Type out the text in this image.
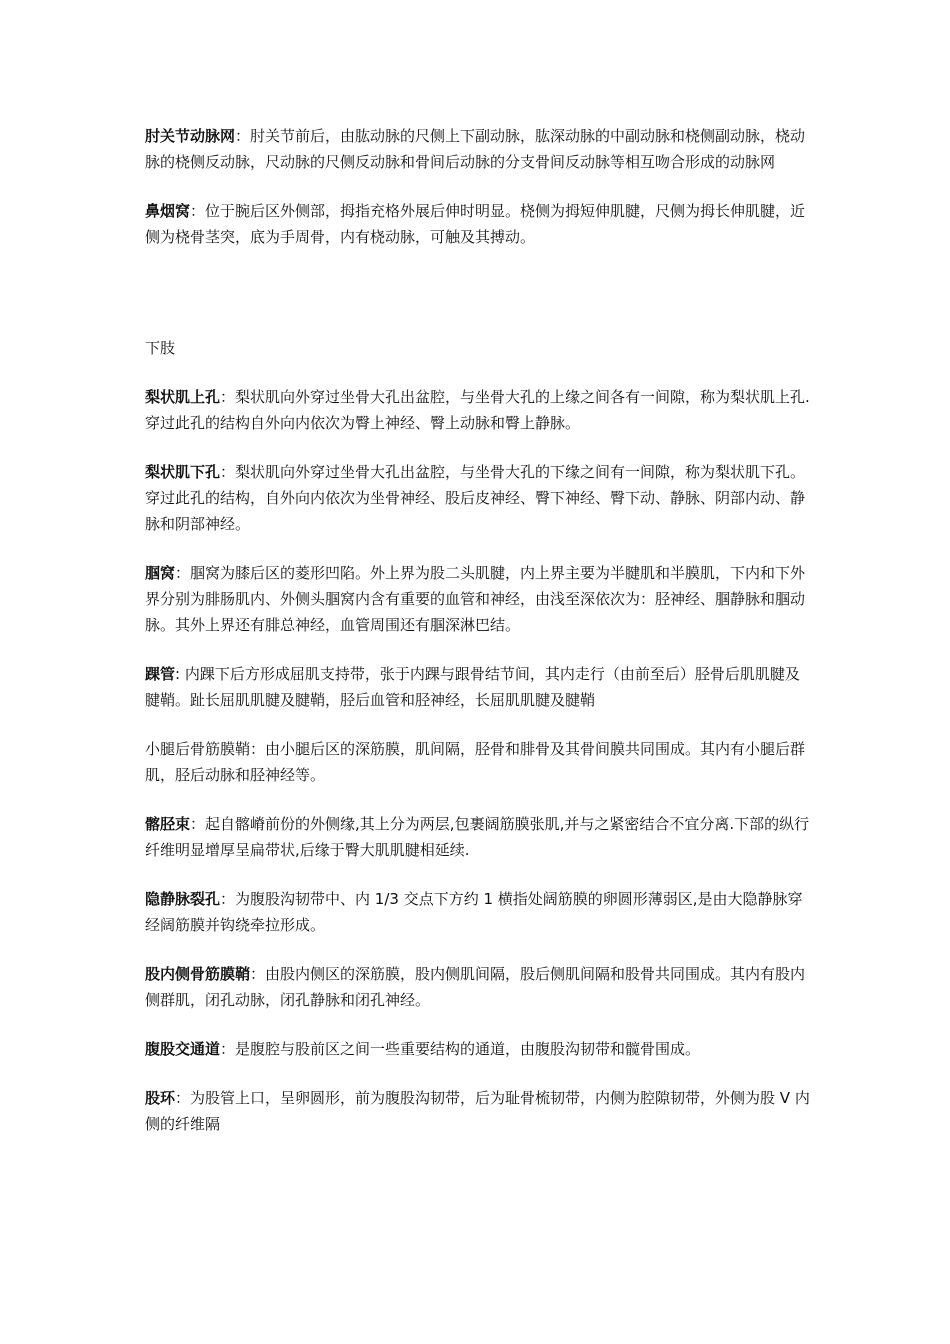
肘关节动脉网：肘关节前后，由肱动脉的尺侧上下副动脉，肱深动脉的中副动脉和桡侧副动脉，桡动脉的桡侧反动脉，尺动脉的尺侧反动脉和骨间后动脉的分支骨间反动脉等相互吻合形成的动脉网

鼻烟窝：位于腕后区外侧部，拇指充格外展后伸时明显。桡侧为拇短伸肌腱，尺侧为拇长伸肌腱，近侧为桡骨茎突，底为手周骨，内有桡动脉，可触及其搏动。

下肢

梨状肌上孔：梨状肌向外穿过坐骨大孔出盆腔，与坐骨大孔的上缘之间各有一间隙，称为梨状肌上孔.穿过此孔的结构自外向内依次为臀上神经、臀上动脉和臀上静脉。

梨状肌下孔：梨状肌向外穿过坐骨大孔出盆腔，与坐骨大孔的下缘之间有一间隙，称为梨状肌下孔。穿过此孔的结构，自外向内依次为坐骨神经、股后皮神经、臀下神经、臀下动、静脉、阴部内动、静脉和阴部神经。

腘窝：腘窝为膝后区的菱形凹陷。外上界为股二头肌腱，内上界主要为半腱肌和半膜肌，下内和下外界分别为腓肠肌内、外侧头腘窝内含有重要的血管和神经，由浅至深依次为：胫神经、腘静脉和腘动脉。其外上界还有腓总神经，血管周围还有腘深淋巴结。

踝管: 内踝下后方形成屈肌支持带，张于内踝与跟骨结节间，其内走行（由前至后）胫骨后肌肌腱及腱鞘。趾长屈肌肌腱及腱鞘，胫后血管和胫神经，长屈肌肌腱及腱鞘

小腿后骨筋膜鞘：由小腿后区的深筋膜，肌间隔，胫骨和腓骨及其骨间膜共同围成。其内有小腿后群肌，胫后动脉和胫神经等。

髂胫束：起自髂嵴前份的外侧缘,其上分为两层,包裹阔筋膜张肌,并与之紧密结合不宜分离.下部的纵行纤维明显增厚呈扁带状,后缘于臀大肌肌腱相延续.

隐静脉裂孔：为腹股沟韧带中、内 1/3 交点下方约 1 横指处阔筋膜的卵圆形薄弱区,是由大隐静脉穿经阔筋膜并钩绕牵拉形成。

股内侧骨筋膜鞘：由股内侧区的深筋膜，股内侧肌间隔，股后侧肌间隔和股骨共同围成。其内有股内侧群肌，闭孔动脉，闭孔静脉和闭孔神经。

腹股交通道：是腹腔与股前区之间一些重要结构的通道，由腹股沟韧带和髋骨围成。

股环：为股管上口，呈卵圆形，前为腹股沟韧带，后为耻骨梳韧带，内侧为腔隙韧带，外侧为股 V 内侧的纤维隔
